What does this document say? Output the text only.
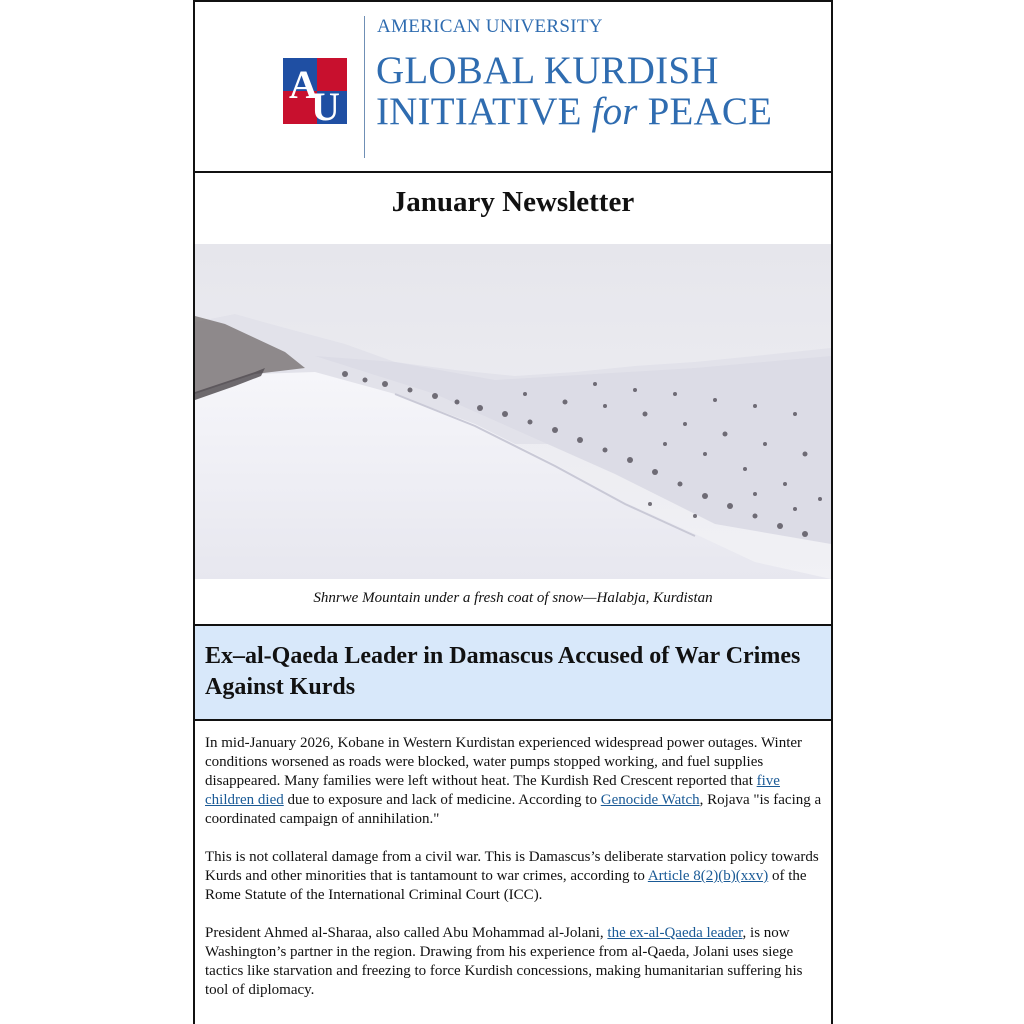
A
U
AMERICAN UNIVERSITY
GLOBAL KURDISH
INITIATIVE for PEACE
January Newsletter
Shnrwe Mountain under a fresh coat of snow—Halabja, Kurdistan
Ex–al-Qaeda Leader in Damascus Accused of War Crimes Against Kurds

In mid-January 2026, Kobane in Western Kurdistan experienced widespread power outages. Winter conditions worsened as roads were blocked, water pumps stopped working, and fuel supplies disappeared. Many families were left without heat. The Kurdish Red Crescent reported that five children died due to exposure and lack of medicine. According to Genocide Watch, Rojava "is facing a coordinated campaign of annihilation."

This is not collateral damage from a civil war. This is Damascus’s deliberate starvation policy towards Kurds and other minorities that is tantamount to war crimes, according to Article 8(2)(b)(xxv) of the Rome Statute of the International Criminal Court (ICC).

President Ahmed al-Sharaa, also called Abu Mohammad al-Jolani, the ex-al-Qaeda leader, is now Washington’s partner in the region. Drawing from his experience from al-Qaeda, Jolani uses siege tactics like starvation and freezing to force Kurdish concessions, making humanitarian suffering his tool of diplomacy.
